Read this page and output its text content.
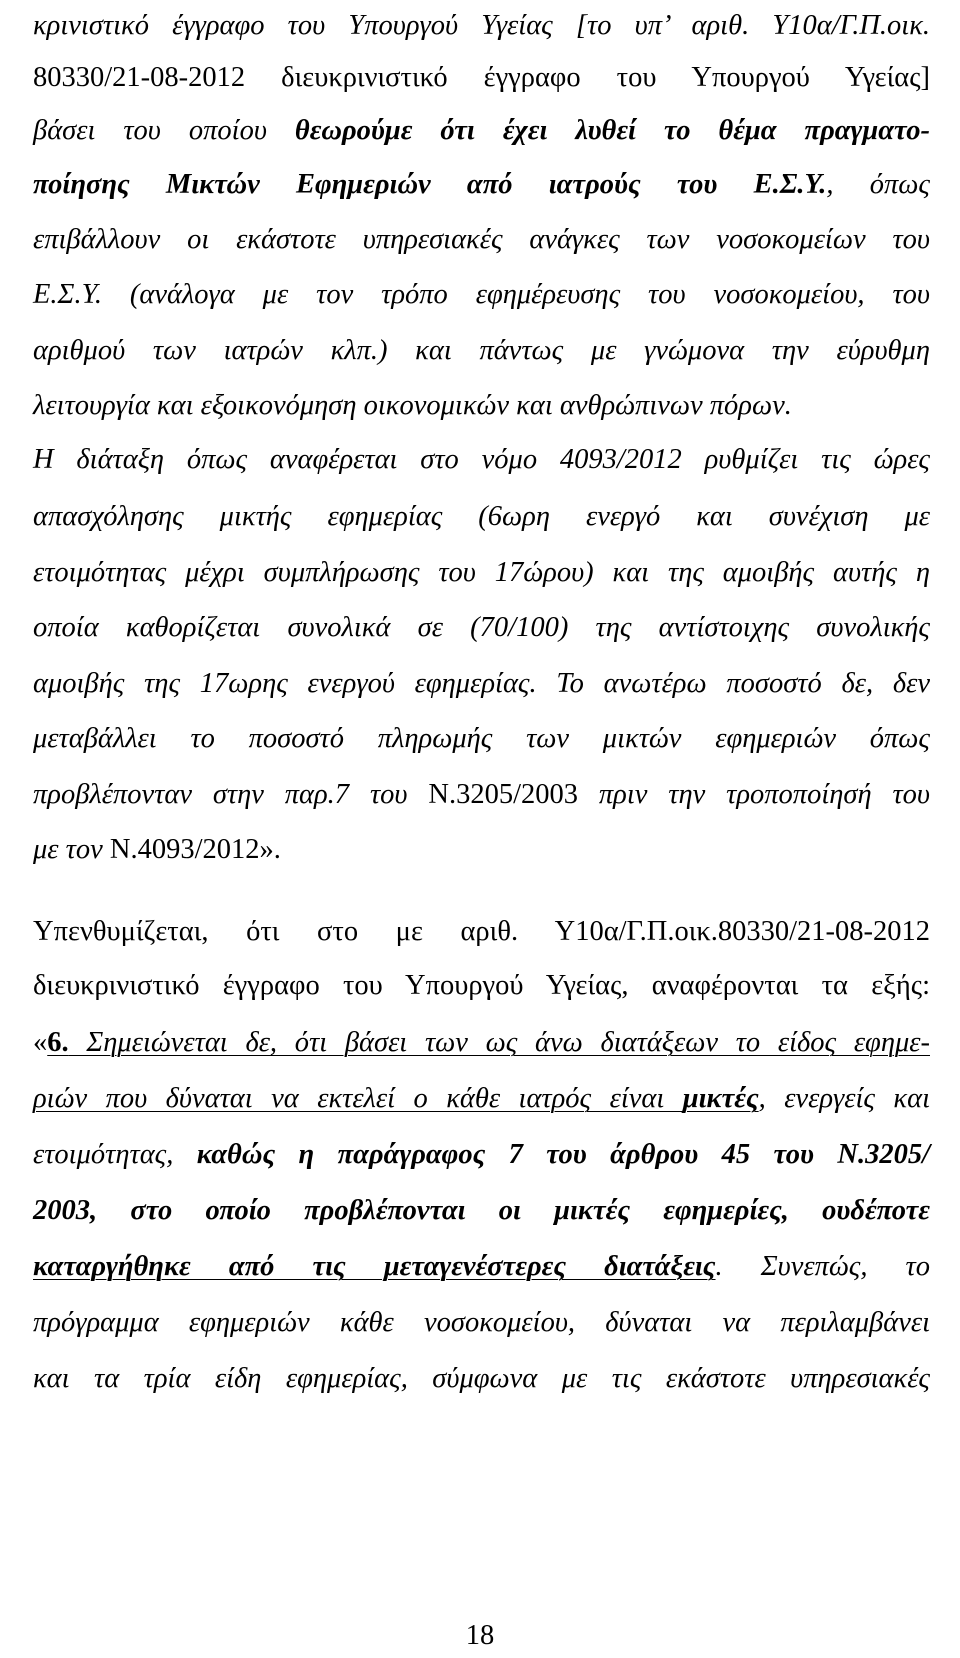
κρινιστικό έγγραφο του Υπουργού Υγείας [το υπ’ αριθ. Υ10α/Γ.Π.οικ.
80330/21-08-2012 διευκρινιστικό έγγραφο του Υπουργού Υγείας]
βάσει του οποίου θεωρούμε ότι έχει λυθεί το θέμα πραγματο-
ποίησης Μικτών Εφημεριών από ιατρούς του Ε.Σ.Υ., όπως
επιβάλλουν οι εκάστοτε υπηρεσιακές ανάγκες των νοσοκομείων του
Ε.Σ.Υ. (ανάλογα με τον τρόπο εφημέρευσης του νοσοκομείου, του
αριθμού των ιατρών κλπ.) και πάντως με γνώμονα την εύρυθμη
λειτουργία και εξοικονόμηση οικονομικών και ανθρώπινων πόρων.
Η διάταξη όπως αναφέρεται στο νόμο 4093/2012 ρυθμίζει τις ώρες
απασχόλησης μικτής εφημερίας (6ωρη ενεργό και συνέχιση με
ετοιμότητας μέχρι συμπλήρωσης του 17ώρου) και της αμοιβής αυτής η
οποία καθορίζεται συνολικά σε (70/100) της αντίστοιχης συνολικής
αμοιβής της 17ωρης ενεργού εφημερίας. Το ανωτέρω ποσοστό δε, δεν
μεταβάλλει το ποσοστό πληρωμής των μικτών εφημεριών όπως
προβλέπονταν στην παρ.7 του Ν.3205/2003 πριν την τροποποίησή του
με τον Ν.4093/2012».
Υπενθυμίζεται, ότι στο με αριθ. Υ10α/Γ.Π.οικ.80330/21-08-2012
διευκρινιστικό έγγραφο του Υπουργού Υγείας, αναφέρονται τα εξής:
«6. Σημειώνεται δε, ότι βάσει των ως άνω διατάξεων το είδος εφημε-
ριών που δύναται να εκτελεί ο κάθε ιατρός είναι μικτές, ενεργείς και
ετοιμότητας, καθώς η παράγραφος 7 του άρθρου 45 του Ν.3205/
2003, στο οποίο προβλέπονται οι μικτές εφημερίες, ουδέποτε
καταργήθηκε από τις μεταγενέστερες διατάξεις. Συνεπώς, το
πρόγραμμα εφημεριών κάθε νοσοκομείου, δύναται να περιλαμβάνει
και τα τρία είδη εφημερίας, σύμφωνα με τις εκάστοτε υπηρεσιακές
18
